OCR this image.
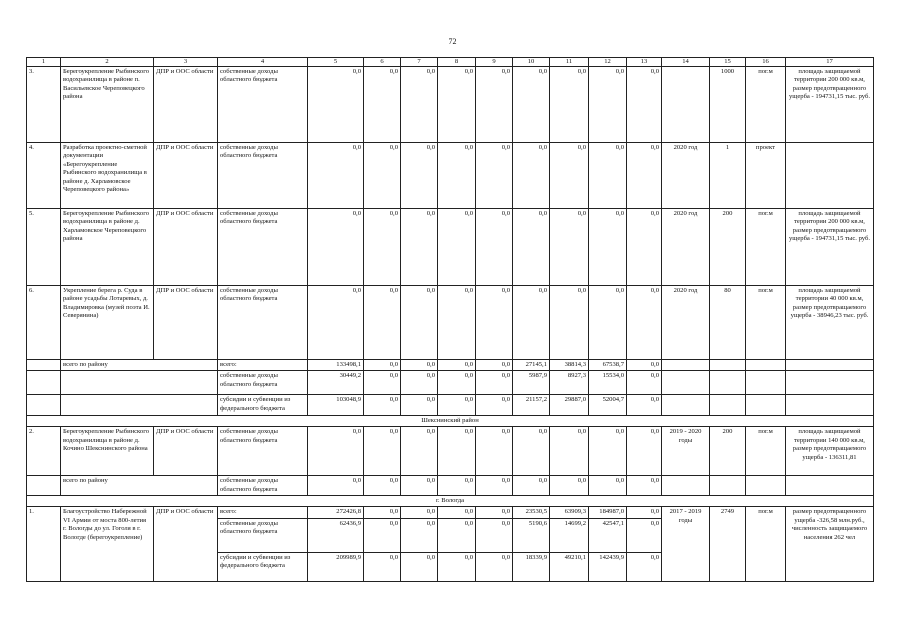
72
1	2	3	4	5	6	7	8	9	10	11	12	13	14	15	16	17
3.	Берегоукрепление Рыбинского водохранилища в районе п. Васильевское Череповецкого района	ДПР и ООС области	собственные доходы областного бюджета	0,0	0,0	0,0	0,0	0,0	0,0	0,0	0,0	0,0		1000	пог.м	площадь защищаемой территории 200 000 кв.м, размер предотвращенного ущерба - 194731,15 тыс. руб.
4.	Разработка проектно-сметной документации «Берегоукрепление Рыбинского водохранилища в районе д. Харламовское Череповецкого района»	ДПР и ООС области	собственные доходы областного бюджета	0,0	0,0	0,0	0,0	0,0	0,0	0,0	0,0	0,0	2020 год	1	проект	
5.	Берегоукрепление Рыбинского водохранилища в районе д. Харламовское Череповецкого района	ДПР и ООС области	собственные доходы областного бюджета	0,0	0,0	0,0	0,0	0,0	0,0	0,0	0,0	0,0	2020 год	200	пог.м	площадь защищаемой территории 200 000 кв.м, размер предотвращаемого ущерба - 194731,15 тыс. руб.
6.	Укрепление берега р. Суда в районе усадьбы Лотаревых, д. Владимировка (музей поэта И. Северянина)	ДПР и ООС области	собственные доходы областного бюджета	0,0	0,0	0,0	0,0	0,0	0,0	0,0	0,0	0,0	2020 год	80	пог.м	площадь защищаемой территории 40 000 кв.м, размер предотвращаемого ущерба - 38946,23 тыс. руб.
	всего по району		всего:	133498,1	0,0	0,0	0,0	0,0	27145,1	38814,3	67538,7	0,0				
			собственные доходы областного бюджета	30449,2	0,0	0,0	0,0	0,0	5987,9	8927,3	15534,0	0,0				
			субсидии и субвенции из федерального бюджета	103048,9	0,0	0,0	0,0	0,0	21157,2	29887,0	52004,7	0,0				
Шекснинский район																
2.	Берегоукрепление Рыбинского водохранилища в районе д. Кочино Шекснинского района	ДПР и ООС области	собственные доходы областного бюджета	0,0	0,0	0,0	0,0	0,0	0,0	0,0	0,0	0,0	2019 - 2020 годы	200	пог.м	площадь защищаемой территории 140 000 кв.м, размер предотвращаемого ущерба - 136311,81
	всего по району		собственные доходы областного бюджета	0,0	0,0	0,0	0,0	0,0	0,0	0,0	0,0	0,0				
г. Вологда																
1.	Благоустройство Набережной VI Армии от моста 800-летия г. Вологды до ул. Гоголя в г. Вологде (берегоукрепление)	ДПР и ООС области	всего:	272426,8	0,0	0,0	0,0	0,0	23530,5	63909,3	184987,0	0,0	2017 - 2019 годы	2749	пог.м	размер предотвращенного ущерба -326,58 млн.руб., численность защищаемого населения 262 чел
			собственные доходы областного бюджета	62436,9	0,0	0,0	0,0	0,0	5190,6	14699,2	42547,1	0,0				
			субсидии и субвенции из федерального бюджета	209989,9	0,0	0,0	0,0	0,0	18339,9	49210,1	142439,9	0,0				
